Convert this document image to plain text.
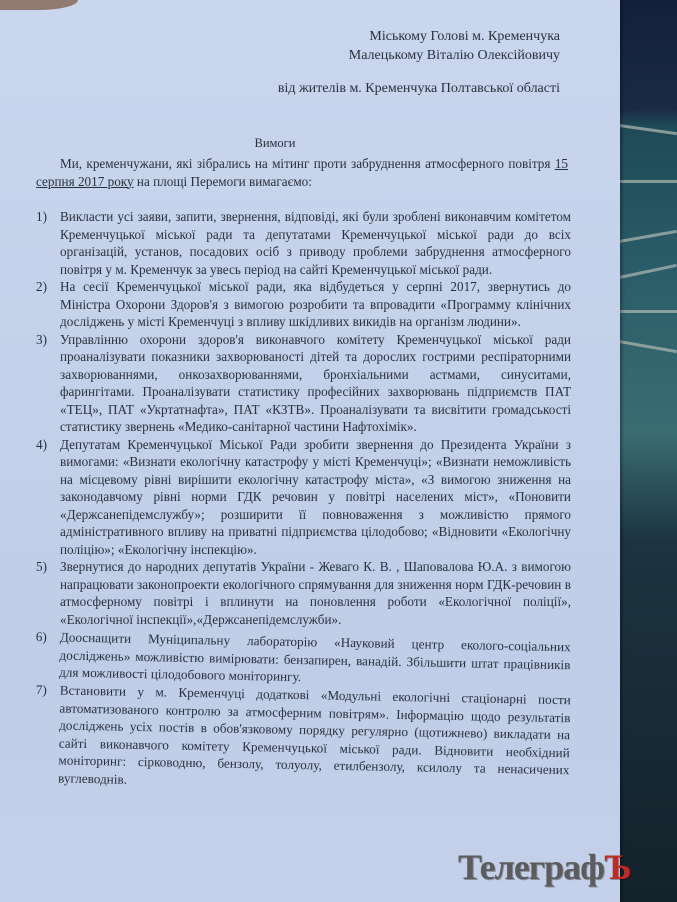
Міському Голові м. Кременчука
Малецькому Віталію Олексійовичу
від жителів м. Кременчука Полтавської області
Вимоги
Ми, кременчужани, які зібрались на мітинг проти забруднення атмосферного повітря 15 серпня 2017 року на площі Перемоги вимагаємо:
1) Викласти усі заяви, запити, звернення, відповіді, які були зроблені виконавчим комітетом Кременчуцької міської ради та депутатами Кременчуцької міської ради до всіх організацій, установ, посадових осіб з приводу проблеми забруднення атмосферного повітря у м. Кременчук за увесь період на сайті Кременчуцької міської ради.
2) На сесії Кременчуцької міської ради, яка відбудеться у серпні 2017, звернутись до Міністра Охорони Здоров'я з вимогою розробити та впровадити «Программу клінічних досліджень у місті Кременчуці з впливу шкідливих викидів на організм людини».
3) Управлінню охорони здоров'я виконавчого комітету Кременчуцької міської ради проаналізувати показники захворюваності дітей та дорослих гострими респіраторними захворюваннями, онкозахворюваннями, бронхіальними астмами, синуситами, фарингітами. Проаналізувати статистику професійних захворювань підприємств ПАТ «ТЕЦ», ПАТ «Укртатнафта», ПАТ «КЗТВ». Проаналізувати та висвітити громадськості статистику звернень «Медико-санітарної частини Нафтохімік».
4) Депутатам Кременчуцької Міської Ради зробити звернення до Президента України з вимогами: «Визнати екологічну катастрофу у місті Кременчуці»; «Визнати неможливість на місцевому рівні вирішити екологічну катастрофу міста», «З вимогою зниження на законодавчому рівні норми ГДК речовин у повітрі населених міст», «Поновити «Держсанепідемслужбу»; розширити її повноваження з можливістю прямого адміністративного впливу на приватні підприємства цілодобово; «Відновити «Екологічну поліцію»; «Екологічну інспекцію».
5) Звернутися до народних депутатів України - Жеваго К. В. , Шаповалова Ю.А. з вимогою напрацювати законопроекти екологічного спрямування для зниження норм ГДК-речовин в атмосферному повітрі і вплинути на поновлення роботи «Екологічної поліції», «Екологічної інспекції»,«Держсанепідемслужби».
6) Дооснащити Муніципальну лабораторію «Науковий центр еколого-соціальних досліджень» можливістю вимірювати: бензапирен, ванадій. Збільшити штат працівників для можливості цілодобового моніторингу.
7) Встановити у м. Кременчуці додаткові «Модульні екологічні стаціонарні пости автоматизованого контролю за атмосферним повітрям». Інформацію щодо результатів досліджень усіх постів в обов'язковому порядку регулярно (щотижнево) викладати на сайті виконавчого комітету Кременчуцької міської ради. Відновити необхідний моніторинг: сірководню, бензолу, толуолу, етилбензолу, ксилолу та ненасичених вуглеводнів.
ТелеграфЪ
